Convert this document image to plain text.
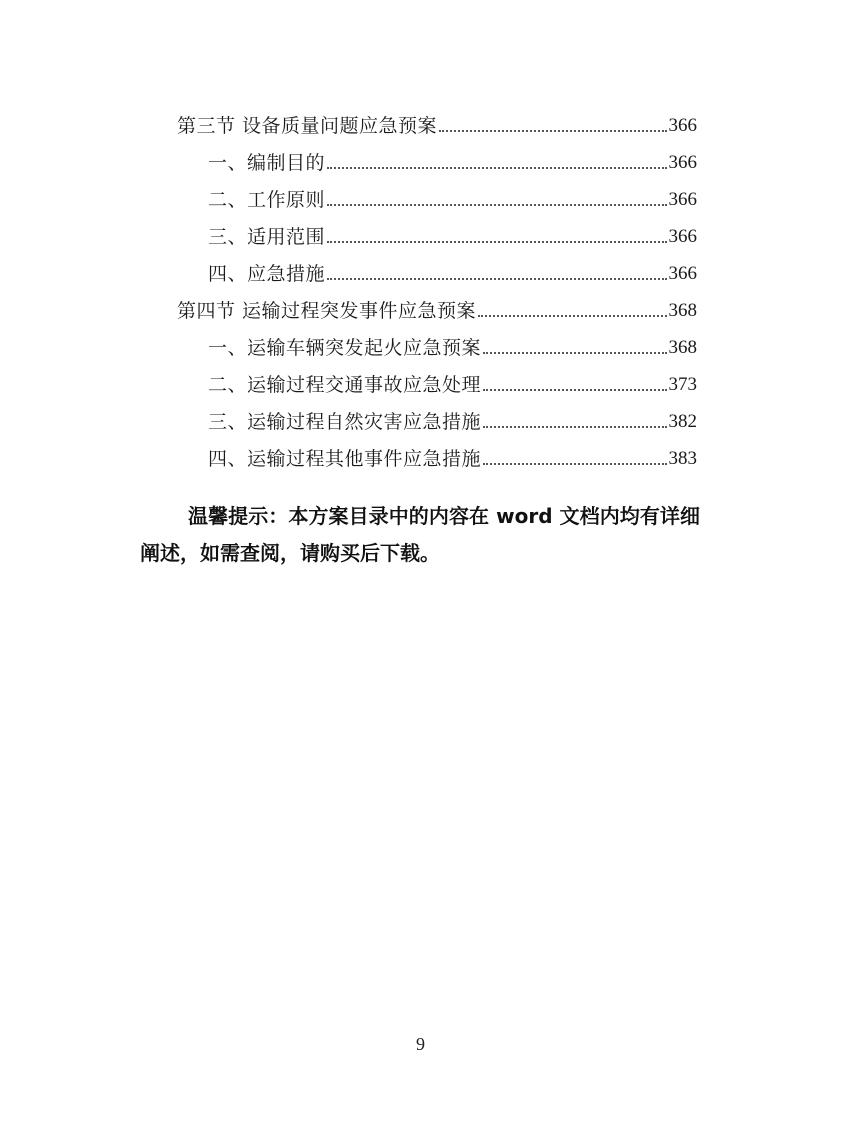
第三节 设备质量问题应急预案	366
一、编制目的	366
二、工作原则	366
三、适用范围	366
四、应急措施	366
第四节 运输过程突发事件应急预案	368
一、运输车辆突发起火应急预案	368
二、运输过程交通事故应急处理	373
三、运输过程自然灾害应急措施	382
四、运输过程其他事件应急措施	383

温馨提示：本方案目录中的内容在 word 文档内均有详细阐述，如需查阅，请购买后下载。

9
